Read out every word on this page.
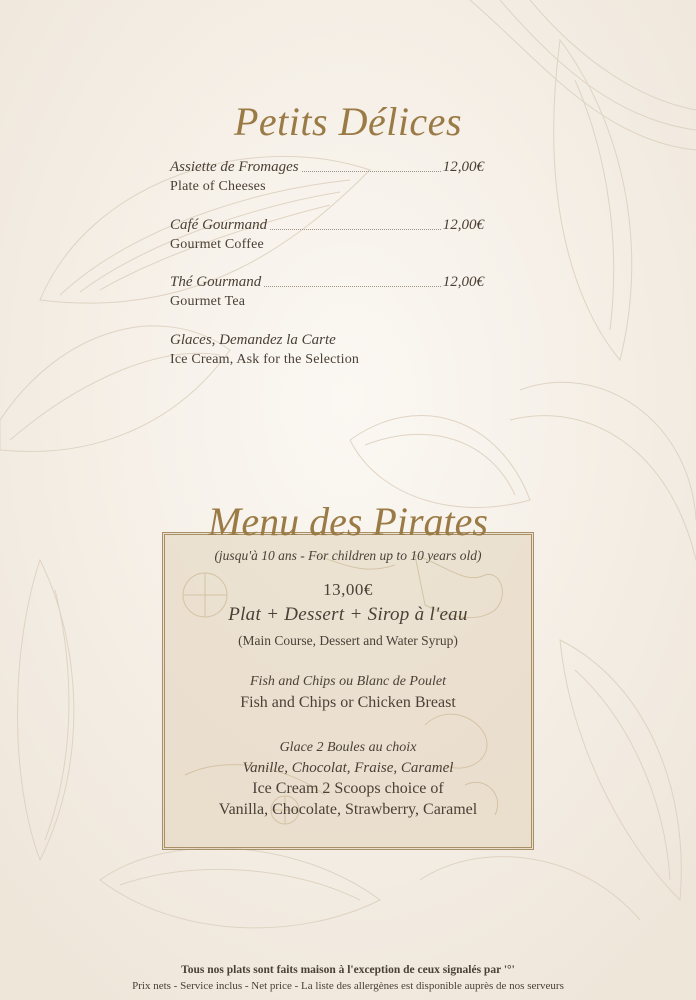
Petits Délices
Assiette de Fromages	12,00€
Plate of Cheeses
Café Gourmand	12,00€
Gourmet Coffee
Thé Gourmand	12,00€
Gourmet Tea
Glaces, Demandez la Carte
Ice Cream, Ask for the Selection
Menu des Pirates
(jusqu'à 10 ans - For children up to 10 years old)
13,00€
Plat + Dessert + Sirop à l'eau
(Main Course, Dessert and Water Syrup)
Fish and Chips ou Blanc de Poulet
Fish and Chips or Chicken Breast
Glace 2 Boules au choix
Vanille, Chocolat, Fraise, Caramel
Ice Cream 2 Scoops choice of
Vanilla, Chocolate, Strawberry, Caramel
Tous nos plats sont faits maison à l'exception de ceux signalés par '°'
Prix nets - Service inclus - Net price - La liste des allergènes est disponible auprès de nos serveurs
